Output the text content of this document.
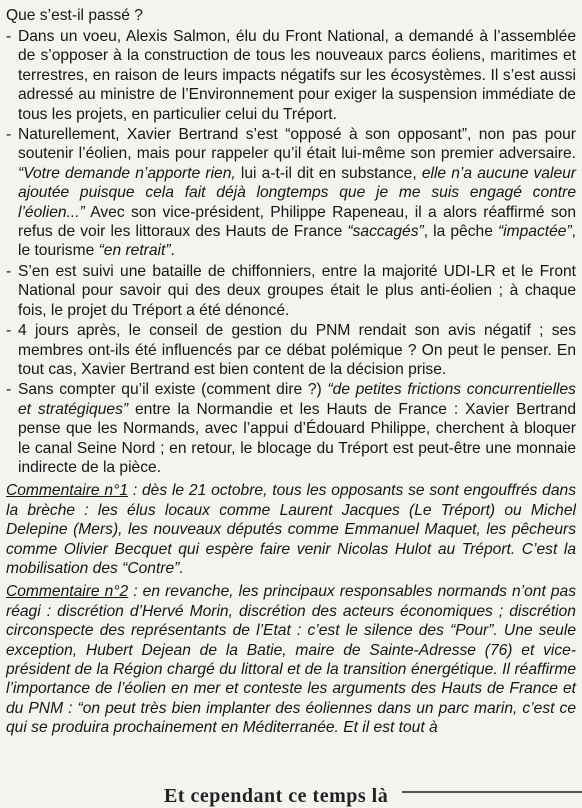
Que s’est-il passé ?
- Dans un voeu, Alexis Salmon, élu du Front National, a demandé à l’assemblée de s’opposer à la construction de tous les nouveaux parcs éoliens, maritimes et terrestres, en raison de leurs impacts négatifs sur les écosystèmes. Il s’est aussi adressé au ministre de l’Environnement pour exiger la suspension immédiate de tous les projets, en particulier celui du Tréport.
- Naturellement, Xavier Bertrand s’est “opposé à son opposant”, non pas pour soutenir l’éolien, mais pour rappeler qu’il était lui-même son premier adversaire. “Votre demande n’apporte rien, lui a-t-il dit en substance, elle n’a aucune valeur ajoutée puisque cela fait déjà longtemps que je me suis engagé contre l’éolien...” Avec son vice-président, Philippe Rapeneau, il a alors réaffirmé son refus de voir les littoraux des Hauts de France “saccagés”, la pêche “impactée”, le tourisme “en retrait”.
- S’en est suivi une bataille de chiffonniers, entre la majorité UDI-LR et le Front National pour savoir qui des deux groupes était le plus anti-éolien ; à chaque fois, le projet du Tréport a été dénoncé.
- 4 jours après, le conseil de gestion du PNM rendait son avis négatif ; ses membres ont-ils été influencés par ce débat polémique ? On peut le penser. En tout cas, Xavier Bertrand est bien content de la décision prise.
- Sans compter qu’il existe (comment dire ?) “de petites frictions concurrentielles et stratégiques” entre la Normandie et les Hauts de France : Xavier Bertrand pense que les Normands, avec l’appui d’Édouard Philippe, cherchent à bloquer le canal Seine Nord ; en retour, le blocage du Tréport est peut-être une monnaie indirecte de la pièce.

Commentaire n°1 : dès le 21 octobre, tous les opposants se sont engouffrés dans la brèche : les élus locaux comme Laurent Jacques (Le Tréport) ou Michel Delepine (Mers), les nouveaux députés comme Emmanuel Maquet, les pêcheurs comme Olivier Becquet qui espère faire venir Nicolas Hulot au Tréport. C’est la mobilisation des “Contre”.

Commentaire n°2 : en revanche, les principaux responsables normands n’ont pas réagi : discrétion d’Hervé Morin, discrétion des acteurs économiques ; discrétion circonspecte des représentants de l’Etat : c’est le silence des “Pour”. Une seule exception, Hubert Dejean de la Batie, maire de Sainte-Adresse (76) et vice-président de la Région chargé du littoral et de la transition énergétique. Il réaffirme l’importance de l’éolien en mer et conteste les arguments des Hauts de France et du PNM : “on peut très bien implanter des éoliennes dans un parc marin, c’est ce qui se produira prochainement en Méditerranée. Et il est tout à

Et cependant ce temps là
